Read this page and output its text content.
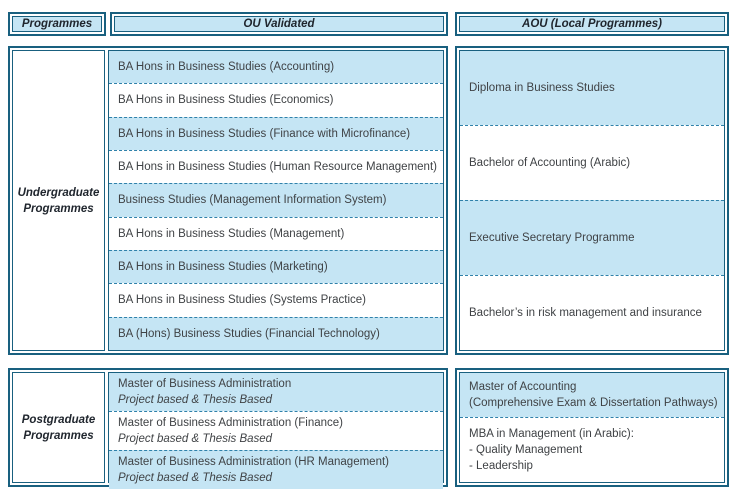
Programmes	OU Validated	AOU (Local Programmes)
Undergraduate Programmes
BA Hons in Business Studies (Accounting)
BA Hons in Business Studies (Economics)
BA Hons in Business Studies (Finance with Microfinance)
BA Hons in Business Studies (Human Resource Management)
Business Studies (Management Information System)
BA Hons in Business Studies (Management)
BA Hons in Business Studies (Marketing)
BA Hons in Business Studies (Systems Practice)
BA (Hons) Business Studies (Financial Technology)
Diploma in Business Studies
Bachelor of Accounting (Arabic)
Executive Secretary Programme
Bachelor’s in risk management and insurance
Postgraduate Programmes
Master of Business Administration
Project based & Thesis Based
Master of Business Administration (Finance)
Project based & Thesis Based
Master of Business Administration (HR Management)
Project based & Thesis Based
Master of Accounting
(Comprehensive Exam & Dissertation Pathways)
MBA in Management (in Arabic):
- Quality Management
- Leadership
